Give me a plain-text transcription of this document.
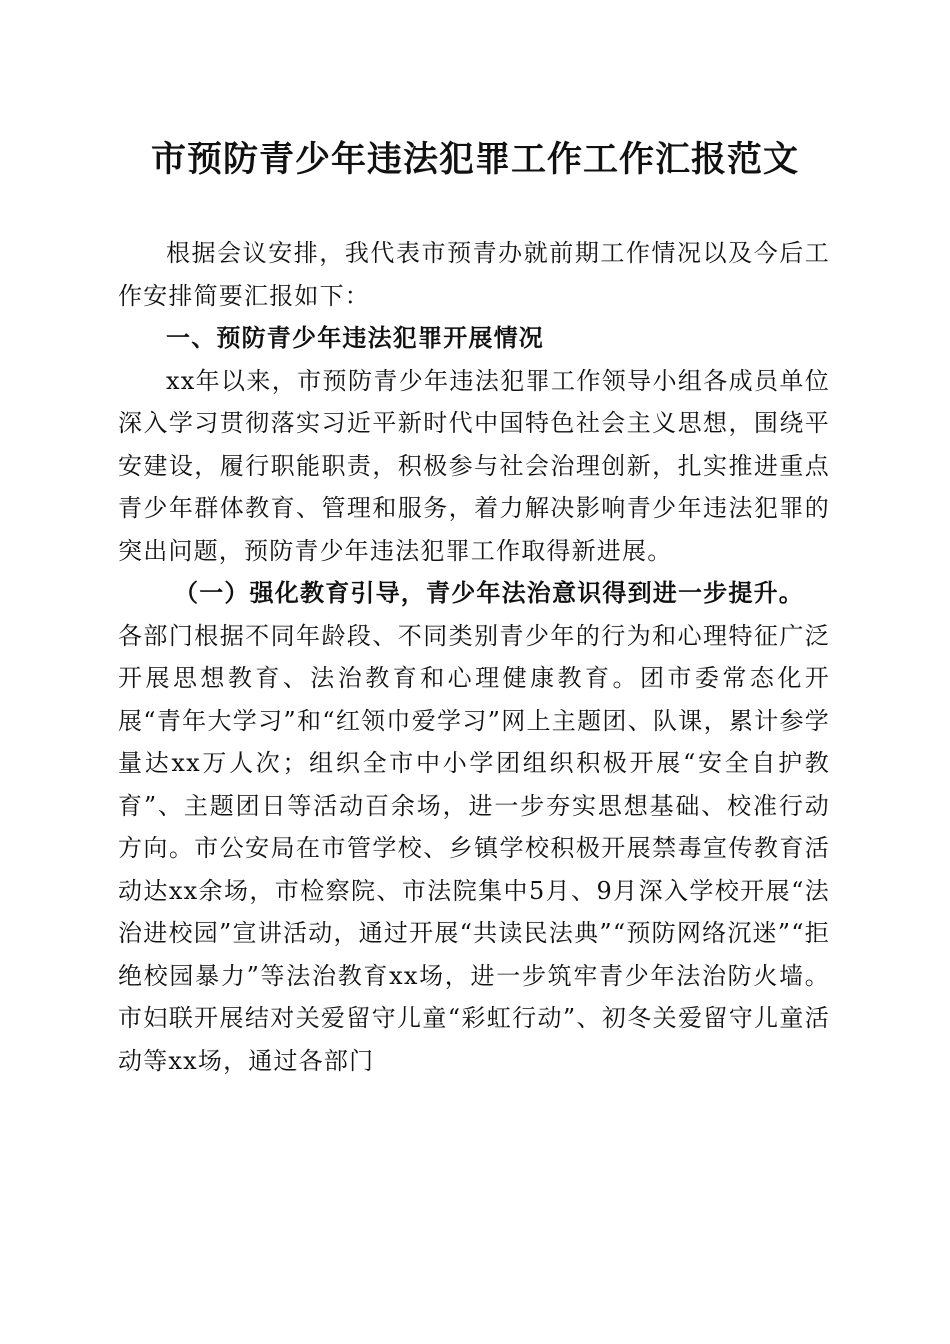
市预防青少年违法犯罪工作工作汇报范文

根据会议安排，我代表市预青办就前期工作情况以及今后工作安排简要汇报如下：

一、预防青少年违法犯罪开展情况

xx年以来，市预防青少年违法犯罪工作领导小组各成员单位深入学习贯彻落实习近平新时代中国特色社会主义思想，围绕平安建设，履行职能职责，积极参与社会治理创新，扎实推进重点青少年群体教育、管理和服务，着力解决影响青少年违法犯罪的突出问题，预防青少年违法犯罪工作取得新进展。

（一）强化教育引导，青少年法治意识得到进一步提升。

各部门根据不同年龄段、不同类别青少年的行为和心理特征广泛开展思想教育、法治教育和心理健康教育。团市委常态化开展“青年大学习”和“红领巾爱学习”网上主题团、队课，累计参学量达xx万人次；组织全市中小学团组织积极开展“安全自护教育”、主题团日等活动百余场，进一步夯实思想基础、校准行动方向。市公安局在市管学校、乡镇学校积极开展禁毒宣传教育活动达xx余场，市检察院、市法院集中5月、9月深入学校开展“法治进校园”宣讲活动，通过开展“共读民法典”“预防网络沉迷”“拒绝校园暴力”等法治教育xx场，进一步筑牢青少年法治防火墙。市妇联开展结对关爱留守儿童“彩虹行动”、初冬关爱留守儿童活动等xx场，通过各部门
